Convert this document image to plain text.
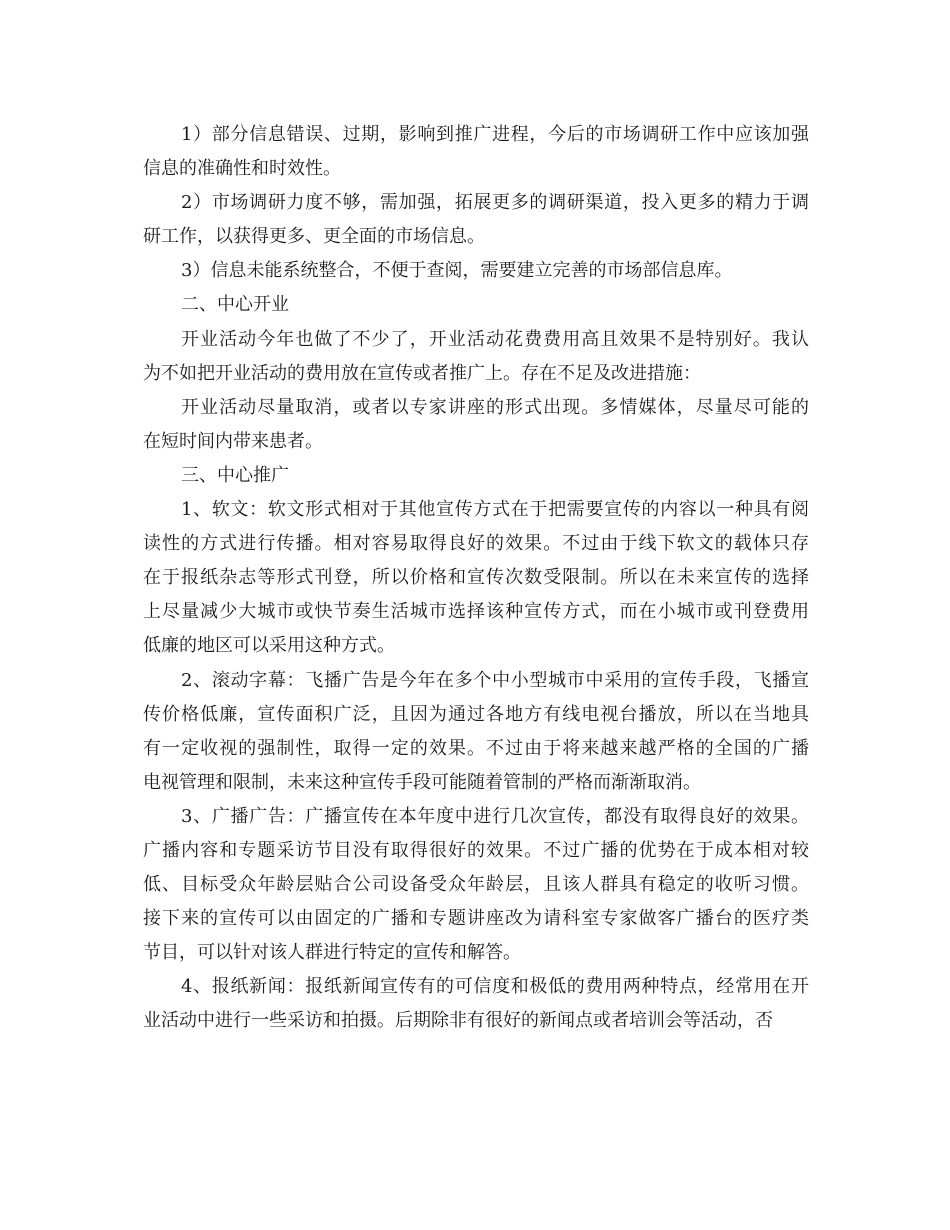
1）部分信息错误、过期，影响到推广进程，今后的市场调研工作中应该加强
信息的准确性和时效性。
2）市场调研力度不够，需加强，拓展更多的调研渠道，投入更多的精力于调
研工作，以获得更多、更全面的市场信息。
3）信息未能系统整合，不便于查阅，需要建立完善的市场部信息库。
二、中心开业
开业活动今年也做了不少了，开业活动花费费用高且效果不是特别好。我认
为不如把开业活动的费用放在宣传或者推广上。存在不足及改进措施：
开业活动尽量取消，或者以专家讲座的形式出现。多情媒体，尽量尽可能的
在短时间内带来患者。
三、中心推广
1、软文：软文形式相对于其他宣传方式在于把需要宣传的内容以一种具有阅
读性的方式进行传播。相对容易取得良好的效果。不过由于线下软文的载体只存
在于报纸杂志等形式刊登，所以价格和宣传次数受限制。所以在未来宣传的选择
上尽量减少大城市或快节奏生活城市选择该种宣传方式，而在小城市或刊登费用
低廉的地区可以采用这种方式。
2、滚动字幕：飞播广告是今年在多个中小型城市中采用的宣传手段，飞播宣
传价格低廉，宣传面积广泛，且因为通过各地方有线电视台播放，所以在当地具
有一定收视的强制性，取得一定的效果。不过由于将来越来越严格的全国的广播
电视管理和限制，未来这种宣传手段可能随着管制的严格而渐渐取消。
3、广播广告：广播宣传在本年度中进行几次宣传，都没有取得良好的效果。
广播内容和专题采访节目没有取得很好的效果。不过广播的优势在于成本相对较
低、目标受众年龄层贴合公司设备受众年龄层，且该人群具有稳定的收听习惯。
接下来的宣传可以由固定的广播和专题讲座改为请科室专家做客广播台的医疗类
节目，可以针对该人群进行特定的宣传和解答。
4、报纸新闻：报纸新闻宣传有的可信度和极低的费用两种特点，经常用在开
业活动中进行一些采访和拍摄。后期除非有很好的新闻点或者培训会等活动，否
